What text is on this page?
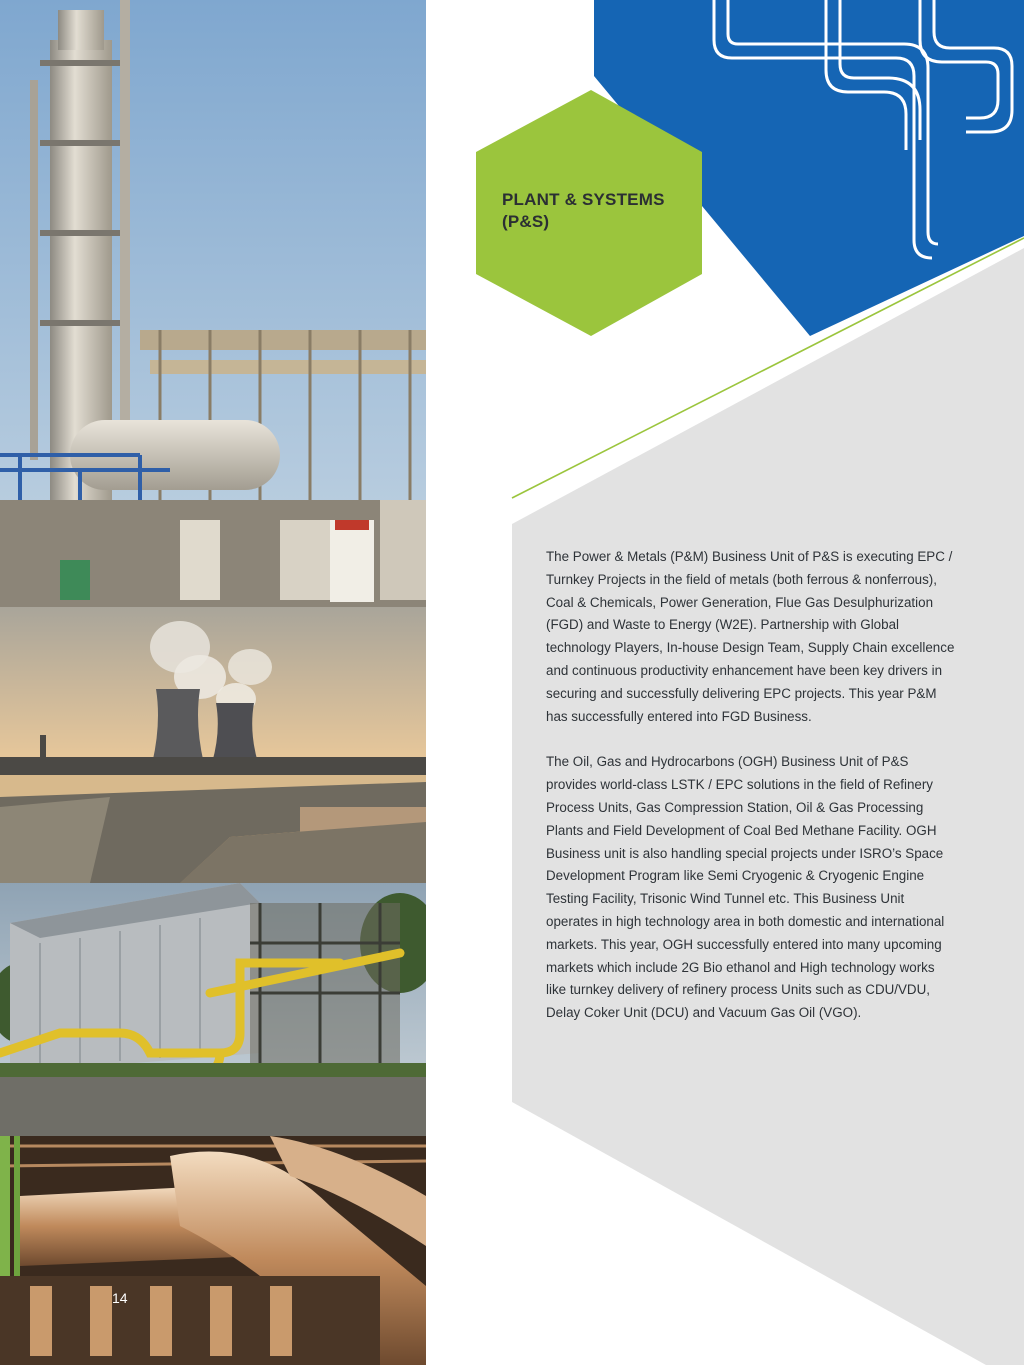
PLANT & SYSTEMS
(P&S)

The Power & Metals (P&M) Business Unit of P&S is executing EPC / Turnkey Projects in the field of metals (both ferrous & nonferrous), Coal & Chemicals, Power Generation, Flue Gas Desulphurization (FGD) and Waste to Energy (W2E). Partnership with Global technology Players, In-house Design Team, Supply Chain excellence and continuous productivity enhancement have been key drivers in securing and successfully delivering EPC projects. This year P&M has successfully entered into FGD Business.

The Oil, Gas and Hydrocarbons (OGH) Business Unit of P&S provides world-class LSTK / EPC solutions in the field of Refinery Process Units, Gas Compression Station, Oil & Gas Processing Plants and Field Development of Coal Bed Methane Facility. OGH Business unit is also handling special projects under ISRO’s Space Development Program like Semi Cryogenic & Cryogenic Engine Testing Facility, Trisonic Wind Tunnel etc. This Business Unit operates in high technology area in both domestic and international markets. This year, OGH successfully entered into many upcoming markets which include 2G Bio ethanol and High technology works like turnkey delivery of refinery process Units such as CDU/VDU, Delay Coker Unit (DCU) and Vacuum Gas Oil (VGO).

14
